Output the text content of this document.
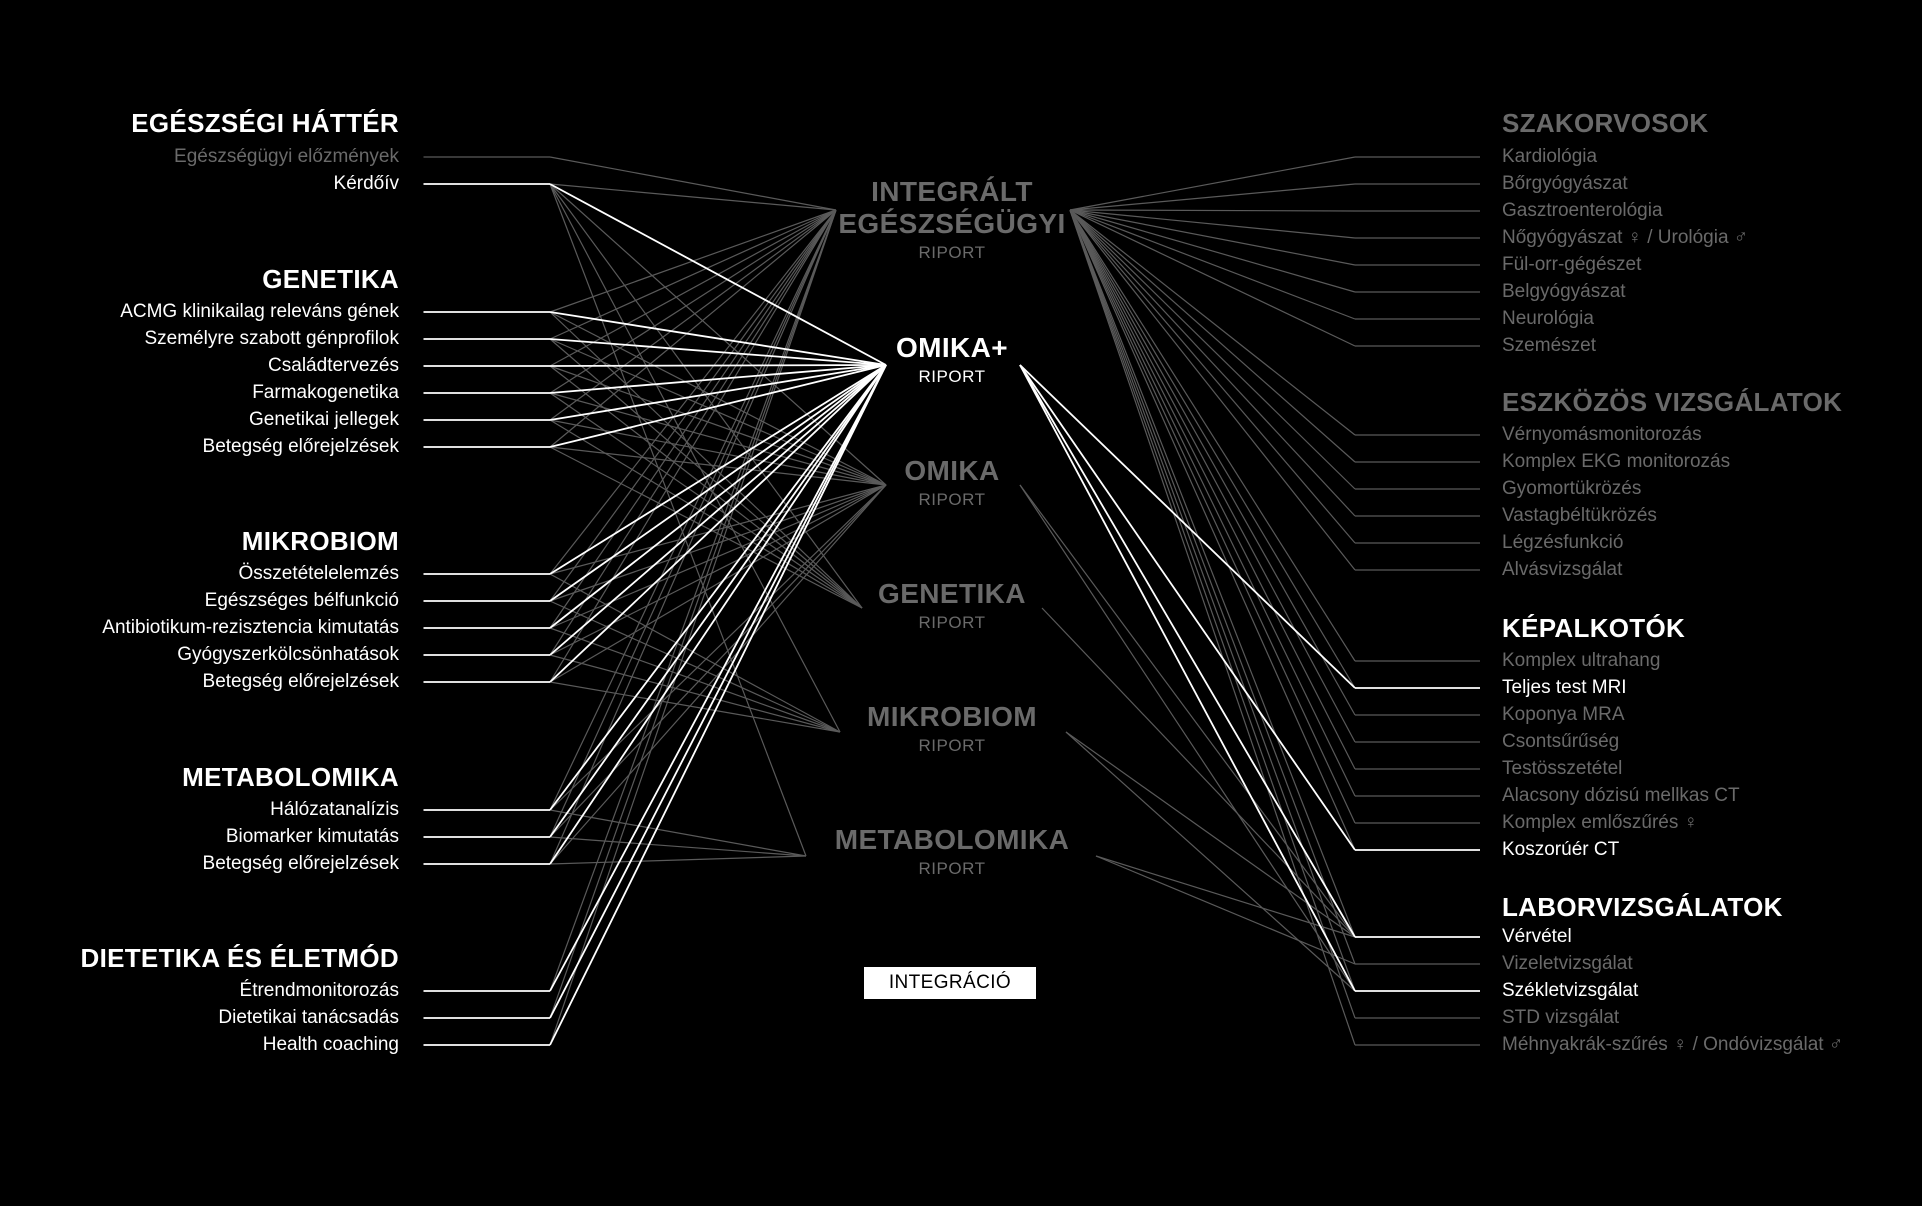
INTEGRÁLT
EGÉSZSÉGÜGYI
RIPORT
OMIKA+
RIPORT
OMIKA
RIPORT
GENETIKA
RIPORT
MIKROBIOM
RIPORT
METABOLOMIKA
RIPORT
EGÉSZSÉGI HÁTTÉR
Egészségügyi előzmények
Kérdőív
GENETIKA
ACMG klinikailag releváns gének
Személyre szabott génprofilok
Családtervezés
Farmakogenetika
Genetikai jellegek
Betegség előrejelzések
MIKROBIOM
Összetételelemzés
Egészséges bélfunkció
Antibiotikum-rezisztencia kimutatás
Gyógyszerkölcsönhatások
Betegség előrejelzések
METABOLOMIKA
Hálózatanalízis
Biomarker kimutatás
Betegség előrejelzések
DIETETIKA ÉS ÉLETMÓD
Étrendmonitorozás
Dietetikai tanácsadás
Health coaching
SZAKORVOSOK
Kardiológia
Bőrgyógyászat
Gasztroenterológia
Nőgyógyászat ♀ / Urológia ♂
Fül-orr-gégészet
Belgyógyászat
Neurológia
Szemészet
ESZKÖZÖS VIZSGÁLATOK
Vérnyomásmonitorozás
Komplex EKG monitorozás
Gyomortükrözés
Vastagbéltükrözés
Légzésfunkció
Alvásvizsgálat
KÉPALKOTÓK
Komplex ultrahang
Teljes test MRI
Koponya MRA
Csontsűrűség
Testösszetétel
Alacsony dózisú mellkas CT
Komplex emlőszűrés ♀
Koszorúér CT
LABORVIZSGÁLATOK
Vérvétel
Vizeletvizsgálat
Székletvizsgálat
STD vizsgálat
Méhnyakrák-szűrés ♀ / Ondóvizsgálat ♂
INTEGRÁCIÓ
